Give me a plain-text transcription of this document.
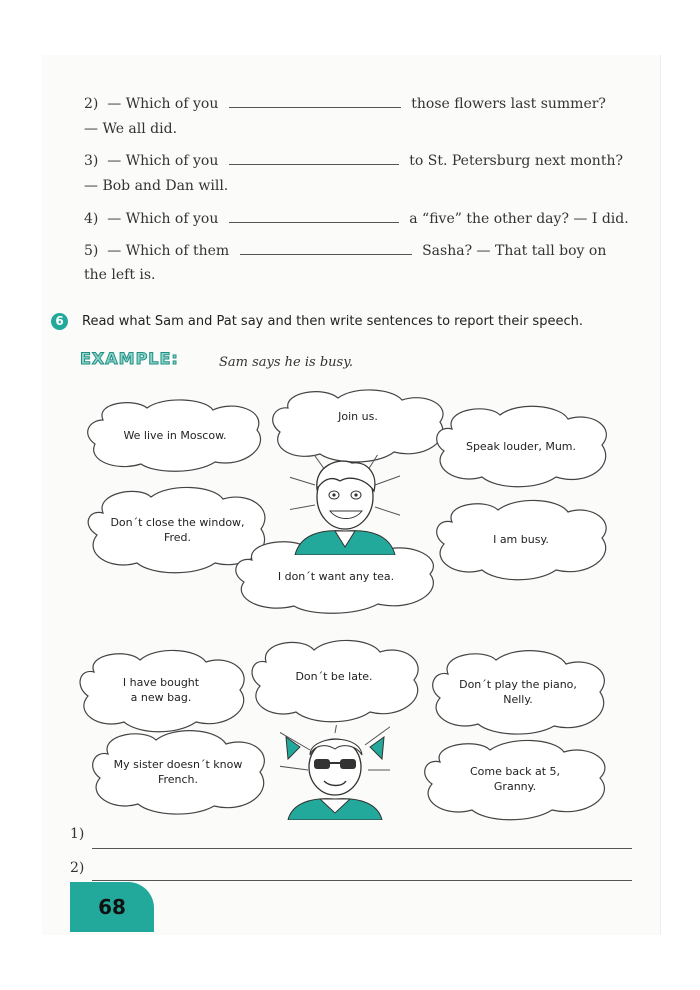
2) — Which of you	those flowers last summer?
— We all did.
3) — Which of you	to St. Petersburg next month?
— Bob and Dan will.
4) — Which of you	a “five” the other day? — I did.
5) — Which of them	Sasha? — That tall boy on
the left is.
6	Read what Sam and Pat say and then write sentences to report their speech.
EXAMPLE:	Sam says he is busy.
We live in Moscow.
Join us.
Speak louder, Mum.
Don´t close the window,
Fred.	I am busy.
I don´t want any tea.
I have bought
a new bag.
Don´t be late.
Don´t play the piano,
Nelly.
My sister doesn´t know
French.
Come back at 5,
Granny.
1)
2)
68
